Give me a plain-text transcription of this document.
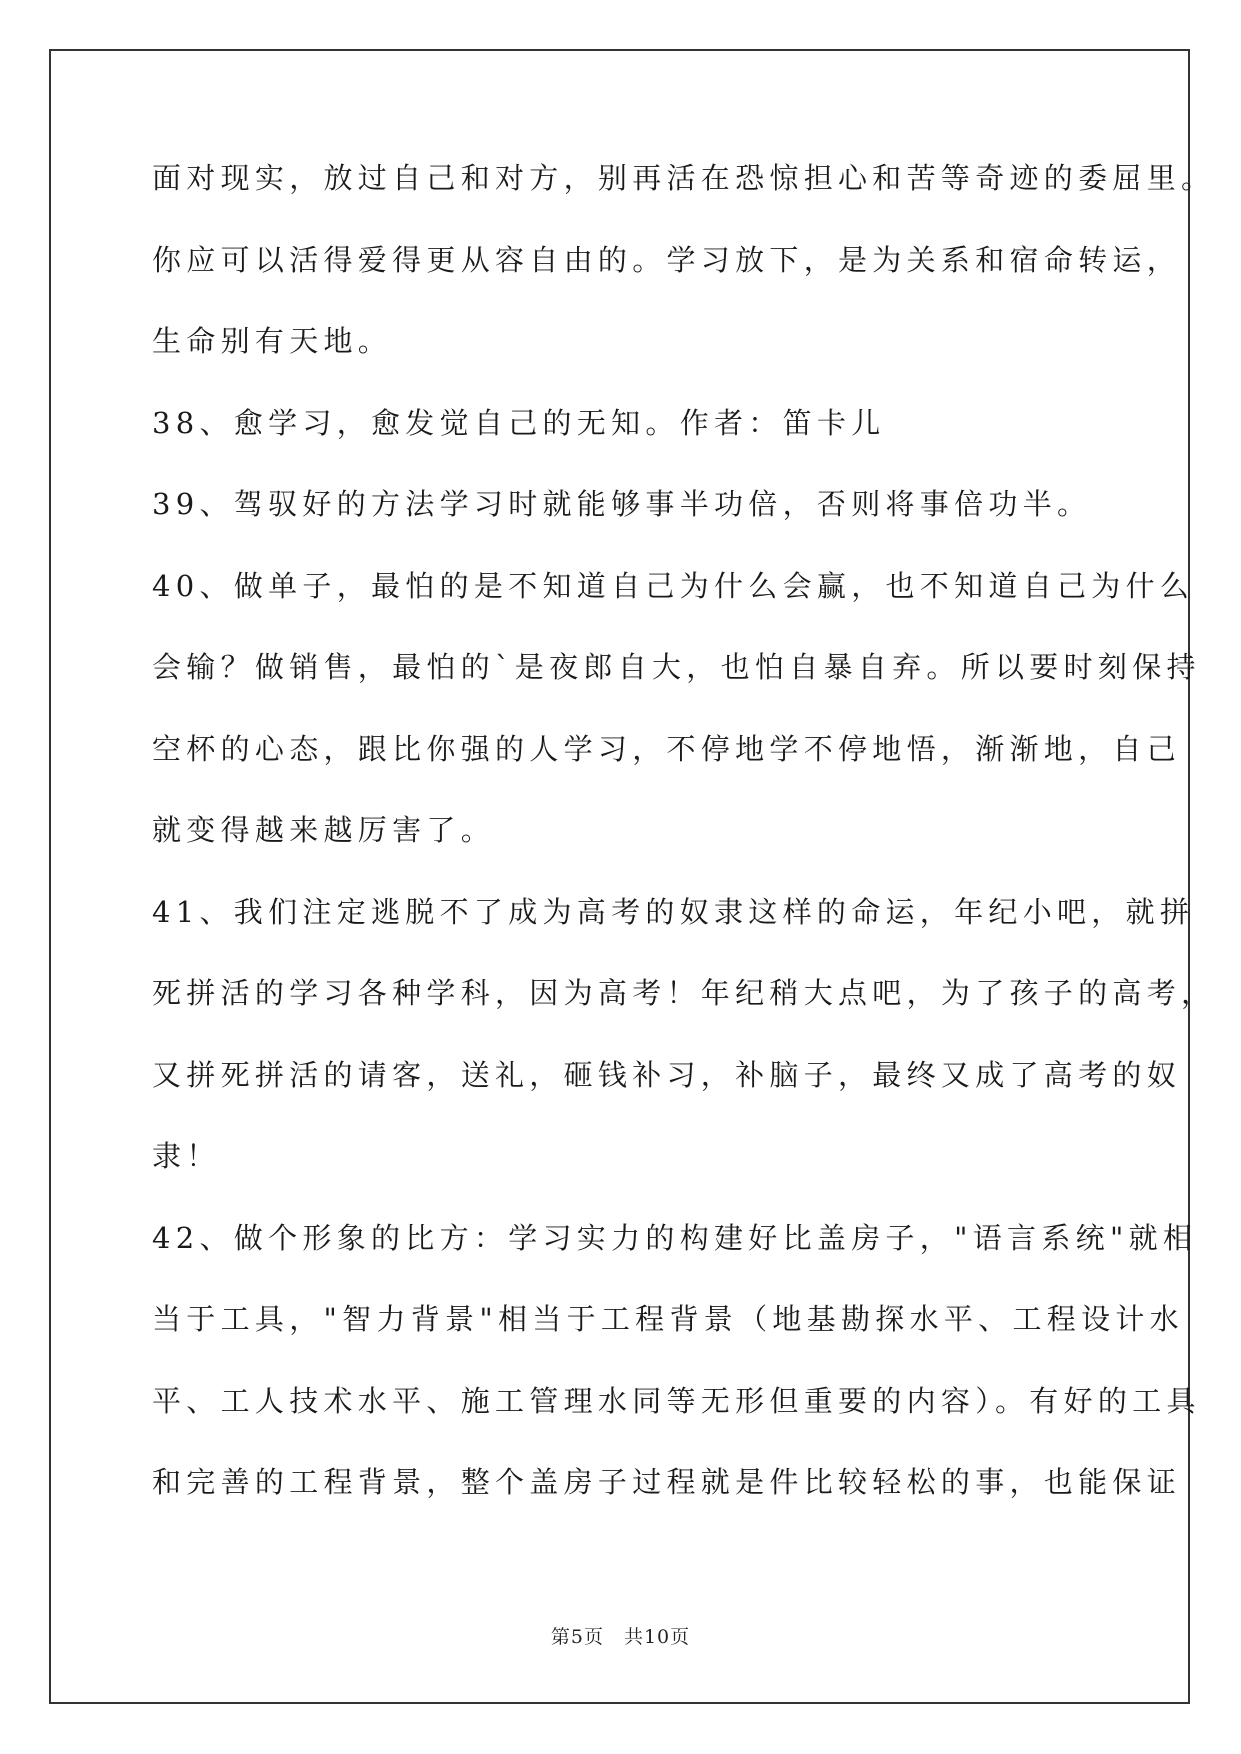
面对现实，放过自己和对方，别再活在恐惊担心和苦等奇迹的委屈里。
你应可以活得爱得更从容自由的。学习放下，是为关系和宿命转运，
生命别有天地。
38、愈学习，愈发觉自己的无知。作者：笛卡儿
39、驾驭好的方法学习时就能够事半功倍，否则将事倍功半。
40、做单子，最怕的是不知道自己为什么会赢，也不知道自己为什么
会输？做销售，最怕的`是夜郎自大，也怕自暴自弃。所以要时刻保持
空杯的心态，跟比你强的人学习，不停地学不停地悟，渐渐地，自己
就变得越来越厉害了。
41、我们注定逃脱不了成为高考的奴隶这样的命运，年纪小吧，就拼
死拼活的学习各种学科，因为高考！年纪稍大点吧，为了孩子的高考，
又拼死拼活的请客，送礼，砸钱补习，补脑子，最终又成了高考的奴
隶！
42、做个形象的比方：学习实力的构建好比盖房子，"语言系统"就相
当于工具，"智力背景"相当于工程背景（地基勘探水平、工程设计水
平、工人技术水平、施工管理水同等无形但重要的内容）。有好的工具
和完善的工程背景，整个盖房子过程就是件比较轻松的事，也能保证
第5页　共10页
